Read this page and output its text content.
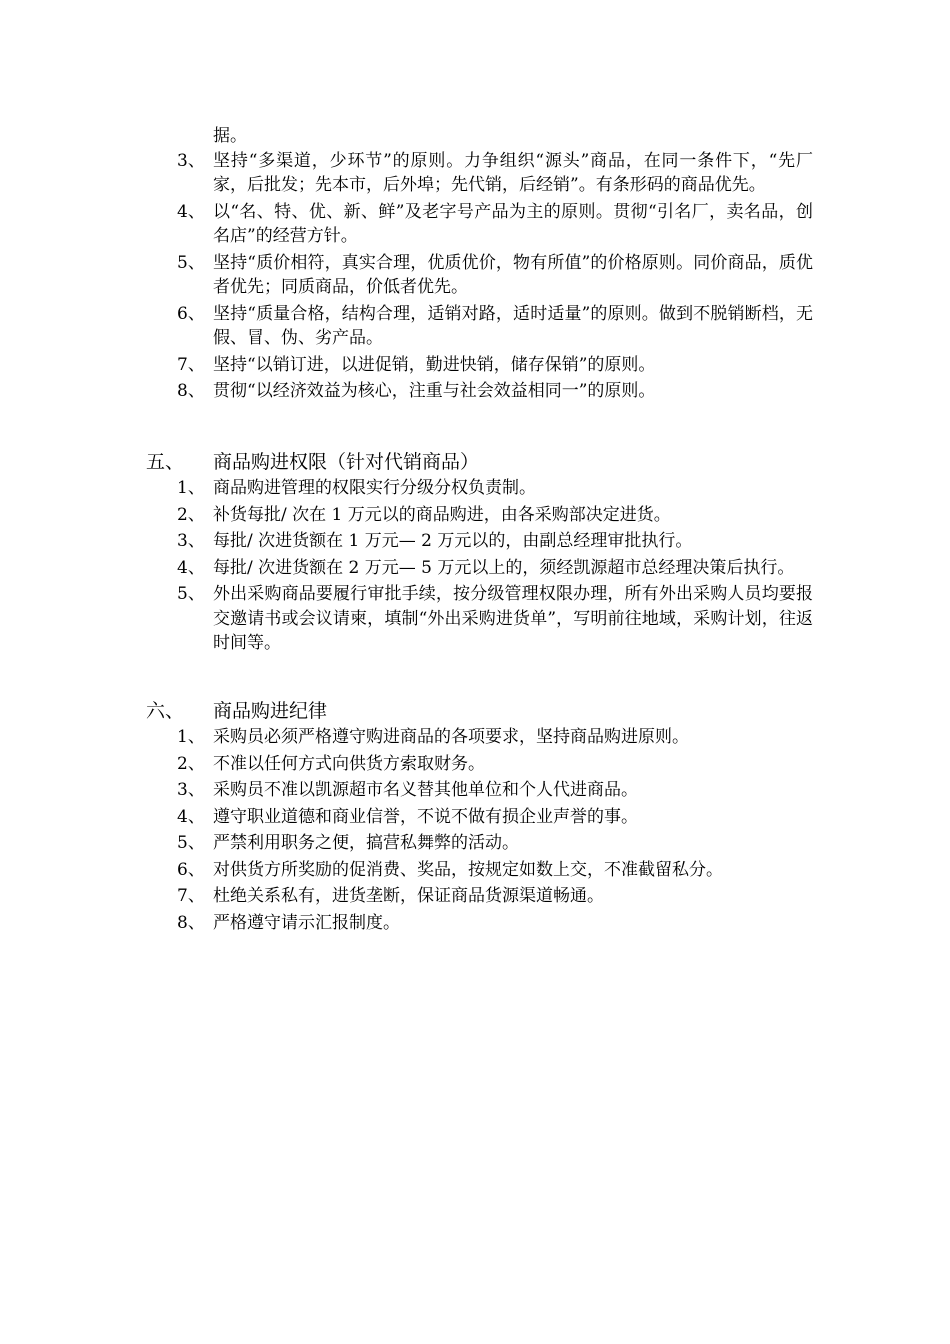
据。
3、 坚持“多渠道，少环节”的原则。力争组织“源头”商品，在同一条件下，“先厂家，后批发；先本市，后外埠；先代销，后经销”。有条形码的商品优先。
4、 以“名、特、优、新、鲜”及老字号产品为主的原则。贯彻“引名厂，卖名品，创名店”的经营方针。
5、 坚持“质价相符，真实合理，优质优价，物有所值”的价格原则。同价商品，质优者优先；同质商品，价低者优先。
6、 坚持“质量合格，结构合理，适销对路，适时适量”的原则。做到不脱销断档，无假、冒、伪、劣产品。
7、 坚持“以销订进，以进促销，勤进快销，储存保销”的原则。
8、 贯彻“以经济效益为核心，注重与社会效益相同一”的原则。
五、 商品购进权限（针对代销商品）
1、 商品购进管理的权限实行分级分权负责制。
2、 补货每批/ 次在 1 万元以的商品购进，由各采购部决定进货。
3、 每批/ 次进货额在 1 万元— 2 万元以的，由副总经理审批执行。
4、 每批/ 次进货额在 2 万元— 5 万元以上的，须经凯源超市总经理决策后执行。
5、 外出采购商品要履行审批手续，按分级管理权限办理，所有外出采购人员均要报交邀请书或会议请柬，填制“外出采购进货单”，写明前往地域，采购计划，往返时间等。
六、 商品购进纪律
1、 采购员必须严格遵守购进商品的各项要求，坚持商品购进原则。
2、 不准以任何方式向供货方索取财务。
3、 采购员不准以凯源超市名义替其他单位和个人代进商品。
4、 遵守职业道德和商业信誉，不说不做有损企业声誉的事。
5、 严禁利用职务之便，搞营私舞弊的活动。
6、 对供货方所奖励的促消费、奖品，按规定如数上交，不准截留私分。
7、 杜绝关系私有，进货垄断，保证商品货源渠道畅通。
8、 严格遵守请示汇报制度。
